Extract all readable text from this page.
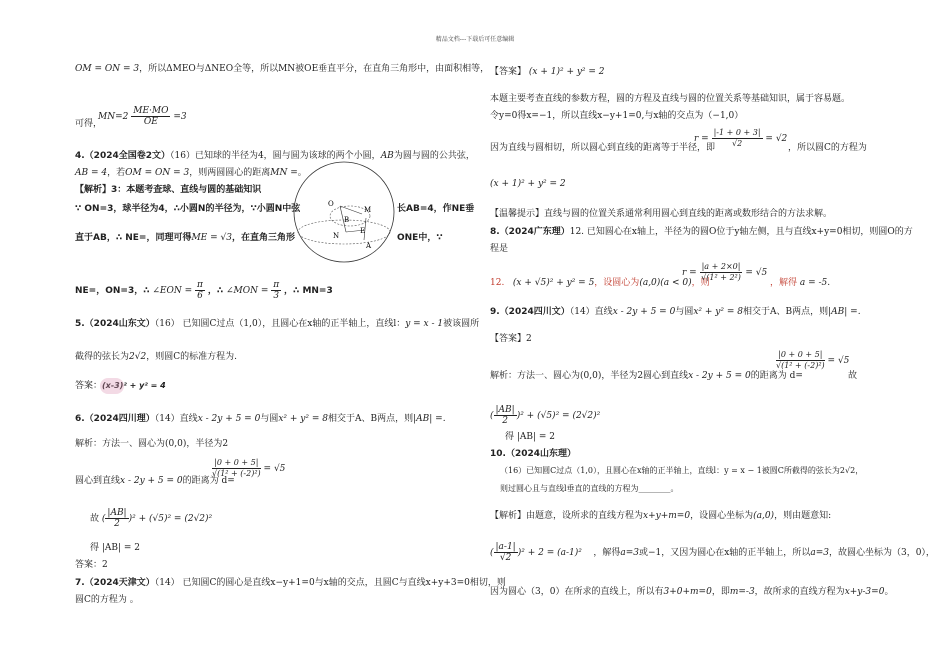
精品文档---下载后可任意编辑
OM = ON = 3，所以ΔMEO与ΔNEO全等，所以MN被OE垂直平分，在直角三角形中，由面积相等，
可得，
$MN=2 \frac{ME\cdot MO}{OE} =3$
4.（2024全国卷2文）（16）已知球的半径为4，圆与圆为该球的两个小圆，AB为圆与圆的公共弦，
AB = 4，若OM = ON = 3，则两圆圆心的距离MN =。
【解析】3：本题考查球、直线与圆的基础知识
∵ ON=3，球半径为4，∴小圆N的半径为，∵小圆N中弦	长AB=4，作NE垂
直于AB，∴ NE=，同理可得ME = √3，在直角三角形	ONE中，∵
NE=，ON=3，∴ ∠EON = $\frac{\pi}{6}$ ，∴ ∠MON = $\frac{\pi}{3}$ ，∴ MN=3
O
M
B
N
E
A
5.（2024山东文）（16） 已知圆C过点（1,0），且圆心在x轴的正半轴上，直线l：y = x - 1被该圆所
截得的弦长为2√2，则圆C的标准方程为.
答案：(x-3)² + y² = 4
6.（2024四川理）（14）直线x - 2y + 5 = 0与圆x² + y² = 8相交于A、B两点，则|AB| =.
解析：方法一、圆心为(0,0)，半径为2
圆心到直线x - 2y + 5 = 0的距离为 d=
$\frac{|0 + 0 + 5|}{\text{√(1² + (-2)²)}} = √5$
故 ( $\frac{|AB|}{2} )^2 + (√5)^2 = (2√2)^2$
得 |AB| = 2
答案：2
7.（2024天津文）（14） 已知圆C的圆心是直线x−y+1=0与x轴的交点，且圆C与直线x+y+3=0相切，则
圆C的方程为 。
【答案】 (x + 1)² + y² = 2
本题主要考查直线的参数方程，圆的方程及直线与圆的位置关系等基础知识，属于容易题。
令y=0得x=−1，所以直线x−y+1=0,与x轴的交点为（−1,0）
因为直线与圆相切，所以圆心到直线的距离等于半径，即
$r = \frac{|-1 + 0 + 3|}{√2} = √2$
，所以圆C的方程为
(x + 1)² + y² = 2
【温馨提示】直线与圆的位置关系通常利用圆心到直线的距离或数形结合的方法求解。
8.（2024广东理）12. 已知圆心在x轴上，半径为的圆O位于y轴左侧，且与直线x+y=0相切，则圆O的方
程是
12. (x + √5)² + y² = 5，设圆心为(a,0)(a < 0)，则
$r = \frac{|a + 2\times 0|}{\text{√(1² + 2²)}} = √5$
，解得 a = -5.
9.（2024四川文）（14）直线x - 2y + 5 = 0与圆x² + y² = 8相交于A、B两点，则|AB| =.
【答案】2
解析：方法一、圆心为(0,0)，半径为2圆心到直线x - 2y + 5 = 0的距离为 d=
$\frac{|0 + 0 + 5|}{\text{√(1² + (-2)²)}} = √5$
故
( $\frac{|AB|}{2} )^2 + (√5)^2 = (2√2)^2$
得 |AB| = 2
10.（2024山东理）
（16）已知圆C过点（1,0），且圆心在x轴的正半轴上，直线l：y = x − 1被圆C所截得的弦长为2√2，
则过圆心且与直线l垂直的直线的方程为________。
【解析】由题意，设所求的直线方程为x+y+m=0，设圆心坐标为(a,0)，则由题意知:
( $\frac{|a-1|}{√2} )^2 + 2 = (a-1)^2$ ，解得a=3或−1，又因为圆心在x轴的正半轴上，所以a=3，故圆心坐标为（3，0），
因为圆心（3，0）在所求的直线上，所以有3+0+m=0，即m=-3，故所求的直线方程为x+y-3=0。
